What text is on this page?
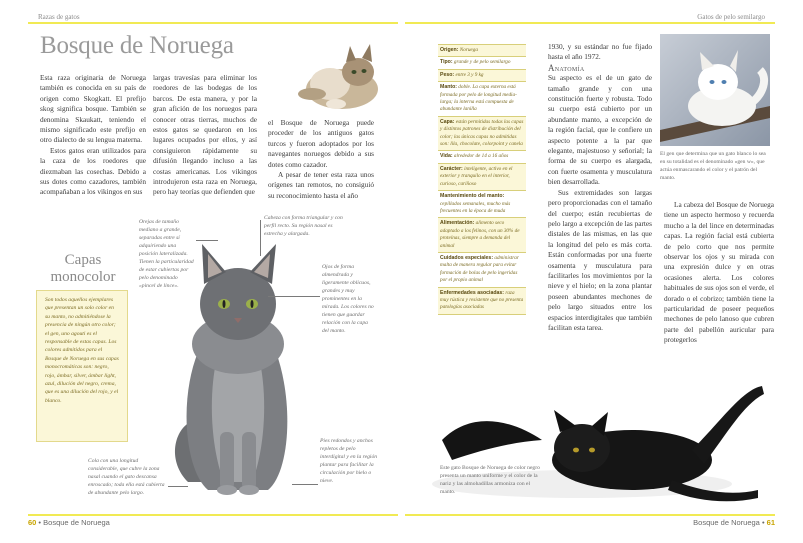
Razas de gatos	Gatos de pelo semilargo
60 • Bosque de Noruega	Bosque de Noruega • 61
Bosque de Noruega

Esta raza originaria de Noruega también es conocida en su país de origen como Skogkatt. El prefijo skog significa bosque. También se denomina Skaukatt, teniendo el mismo significado este prefijo en otro dialecto de su lengua materna.

Estos gatos eran utilizados para la caza de los roedores que diezmaban las cosechas. Debido a sus dotes como cazadores, también acompañaban a los vikingos en sus

largas travesías para eliminar los roedores de las bodegas de los barcos. De esta manera, y por la gran afición de los noruegos para conocer otras tierras, muchos de estos gatos se quedaron en los lugares ocupados por ellos, y así consiguieron rápidamente su difusión llegando incluso a las costas americanas. Los vikingos introdujeron esta raza en Noruega, pero hay teorías que defienden que

el Bosque de Noruega puede proceder de los antiguos gatos turcos y fueron adoptados por los navegantes noruegos debido a sus dotes como cazador.

A pesar de tener esta raza unos orígenes tan remotos, no consiguió su reconocimiento hasta el año

Capas
monocolor
Son todos aquellos ejemplares que presentan un solo color en su manto, no admitiéndose la presencia de ningún otro color; el gen, uno agouti es el responsable de estas capas. Los colores admitidos para el Bosque de Noruega en sus capas monocromáticas son: negro, rojo, ámbar, silver, ámbar light, azul, dilución del negro, crema, que es una dilución del rojo, y el blanco.
Orejas de tamaño mediano a grande, separadas entre sí adquiriendo una posición lateralizada. Tienen la particularidad de estar cubiertas por pelo denominado «pincel de lince».
Cabeza con forma triangular y con perfil recto. Su región nasal es estrecha y alargada.
Ojos de forma almendrada y ligeramente oblicuos, grandes y muy prominentes en la mirada. Los colores no tienen que guardar relación con la capa del manto.
Pies redondos y anchos repletos de pelo interdigital y en la región plantar para facilitar la circulación por hielo o nieve.
Cola con una longitud considerable, que cubre la zona nasal cuando el gato descansa enroscado; toda ella está cubierta de abundante pelo largo.
Origen: Noruega
Tipo: grande y de pelo semilargo
Peso: entre 3 y 9 kg
Manto: doble. La capa externa está formada por pelo de longitud media-larga; la interna está compuesta de abundante lanilla
Capa: están permitidas todas las capas y distintos patrones de distribución del color; las únicas capas no admitidas son: lila, chocolate, colorpoint y canela
Vida: alrededor de 14 a 16 años
Carácter: inteligente, activo en el exterior y tranquilo en el interior, curioso, cariñoso
Mantenimiento del manto: cepillados semanales, mucho más frecuentes en la época de muda
Alimentación: alimento seco adaptado a los felinos, con un 30% de proteínas, siempre a demanda del animal
Cuidados especiales: administrar malta de manera regular para evitar formación de bolas de pelo ingeridas por el propio animal
Enfermedades asociadas: raza muy rústica y resistente que no presenta patologías asociadas

1930, y su estándar no fue fijado hasta el año 1972.

Anatomía

Su aspecto es el de un gato de tamaño grande y con una constitución fuerte y robusta. Todo su cuerpo está cubierto por un abundante manto, a excepción de la región facial, que le confiere un aspecto potente a la par que elegante, majestuoso y señorial; la forma de su cuerpo es alargada, con fuerte osamenta y musculatura bien desarrollada.

Sus extremidades son largas pero proporcionadas con el tamaño del cuerpo; están recubiertas de pelo largo a excepción de las partes distales de las mismas, en las que la longitud del pelo es más corta. Están conformadas por una fuerte osamenta y musculatura para facilitarles los movimientos por la nieve y el hielo; en la zona plantar poseen abundantes mechones de pelo largo situados entre los espacios interdigitales que también facilitan esta tarea.

El gen que determina que un gato blanco lo sea en su totalidad es el denominado «gen w», que actúa enmascarando el color y el patrón del manto.

La cabeza del Bosque de Noruega tiene un aspecto hermoso y recuerda mucho a la del lince en determinadas capas. La región facial está cubierta de pelo corto que nos permite observar los ojos y su mirada con una expresión dulce y en otras ocasiones alerta. Los colores habituales de sus ojos son el verde, el dorado o el cobrizo; también tiene la particularidad de poseer pequeños mechones de pelo lanoso que cubren parte del pabellón auricular para protegerlos

Este gato Bosque de Noruega de color negro presenta un manto uniforme y el color de la nariz y las almohadillas armoniza con el manto.
